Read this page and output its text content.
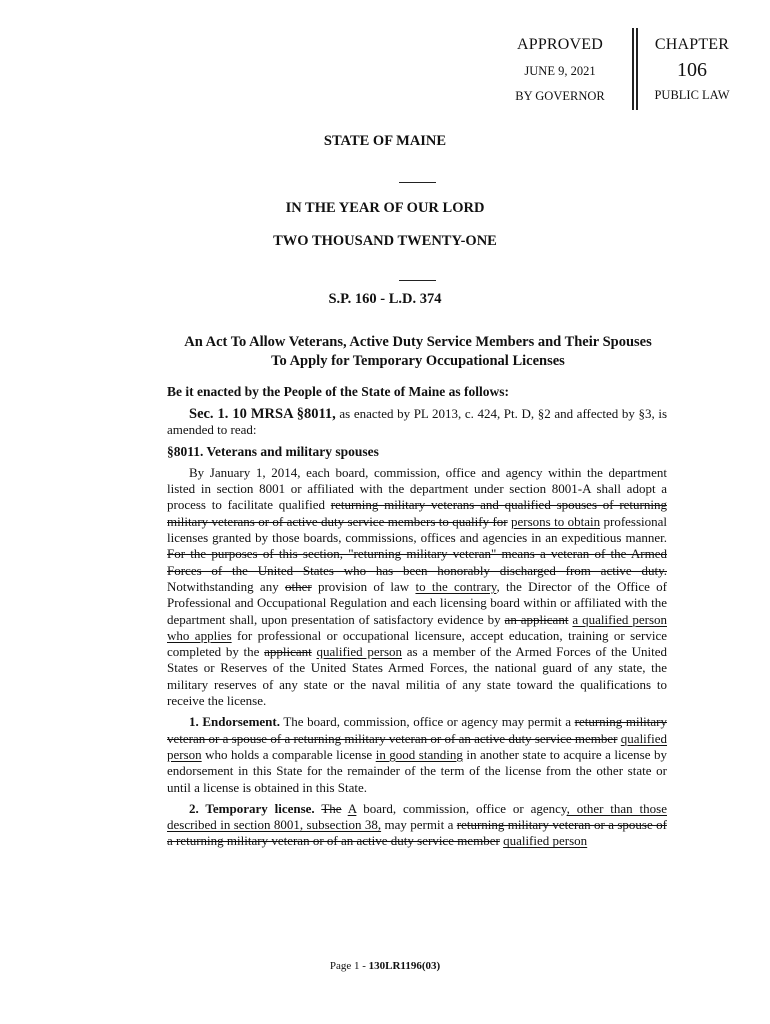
APPROVED
JUNE 9, 2021
BY GOVERNOR
CHAPTER
106
PUBLIC LAW
STATE OF MAINE
IN THE YEAR OF OUR LORD
TWO THOUSAND TWENTY-ONE
S.P. 160 - L.D. 374
An Act To Allow Veterans, Active Duty Service Members and Their Spouses
To Apply for Temporary Occupational Licenses
Be it enacted by the People of the State of Maine as follows:

Sec. 1. 10 MRSA §8011, as enacted by PL 2013, c. 424, Pt. D, §2 and affected by §3, is amended to read:

§8011. Veterans and military spouses

By January 1, 2014, each board, commission, office and agency within the department listed in section 8001 or affiliated with the department under section 8001-A shall adopt a process to facilitate qualified returning military veterans and qualified spouses of returning military veterans or of active duty service members to qualify for persons to obtain professional licenses granted by those boards, commissions, offices and agencies in an expeditious manner. For the purposes of this section, "returning military veteran" means a veteran of the Armed Forces of the United States who has been honorably discharged from active duty. Notwithstanding any other provision of law to the contrary, the Director of the Office of Professional and Occupational Regulation and each licensing board within or affiliated with the department shall, upon presentation of satisfactory evidence by an applicant a qualified person who applies for professional or occupational licensure, accept education, training or service completed by the applicant qualified person as a member of the Armed Forces of the United States or Reserves of the United States Armed Forces, the national guard of any state, the military reserves of any state or the naval militia of any state toward the qualifications to receive the license.

1. Endorsement. The board, commission, office or agency may permit a returning military veteran or a spouse of a returning military veteran or of an active duty service member qualified person who holds a comparable license in good standing in another state to acquire a license by endorsement in this State for the remainder of the term of the license from the other state or until a license is obtained in this State.

2. Temporary license. The A board, commission, office or agency, other than those described in section 8001, subsection 38, may permit a returning military veteran or a spouse of a returning military veteran or of an active duty service member qualified person

Page 1 - 130LR1196(03)
